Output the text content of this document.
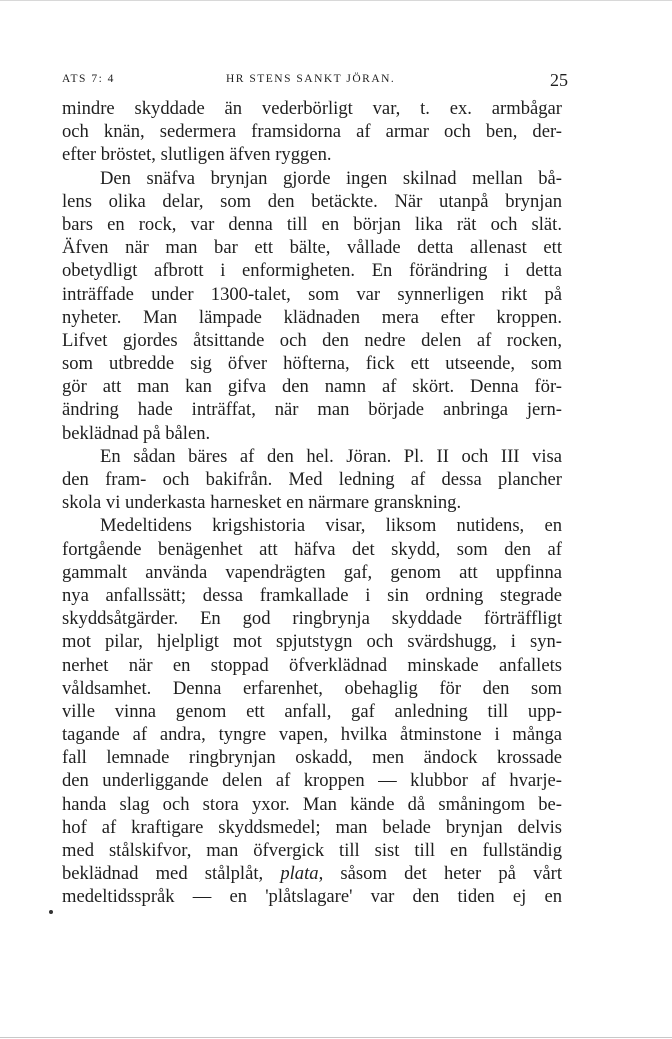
ATS 7: 4	HR STENS SANKT JÖRAN.	25
mindre skyddade än vederbörligt var, t. ex. armbågar
och knän, sedermera framsidorna af armar och ben, der-
efter bröstet, slutligen äfven ryggen.
Den snäfva brynjan gjorde ingen skilnad mellan bå-
lens olika delar, som den betäckte. När utanpå brynjan
bars en rock, var denna till en början lika rät och slät.
Äfven när man bar ett bälte, vållade detta allenast ett
obetydligt afbrott i enformigheten. En förändring i detta
inträffade under 1300-talet, som var synnerligen rikt på
nyheter. Man lämpade klädnaden mera efter kroppen.
Lifvet gjordes åtsittande och den nedre delen af rocken,
som utbredde sig öfver höfterna, fick ett utseende, som
gör att man kan gifva den namn af skört. Denna för-
ändring hade inträffat, när man började anbringa jern-
beklädnad på bålen.
En sådan bäres af den hel. Jöran. Pl. II och III visa
den fram- och bakifrån. Med ledning af dessa plancher
skola vi underkasta harnesket en närmare granskning.
Medeltidens krigshistoria visar, liksom nutidens, en
fortgående benägenhet att häfva det skydd, som den af
gammalt använda vapendrägten gaf, genom att uppfinna
nya anfallssätt; dessa framkallade i sin ordning stegrade
skyddsåtgärder. En god ringbrynja skyddade förträffligt
mot pilar, hjelpligt mot spjutstygn och svärdshugg, i syn-
nerhet när en stoppad öfverklädnad minskade anfallets
våldsamhet. Denna erfarenhet, obehaglig för den som
ville vinna genom ett anfall, gaf anledning till upp-
tagande af andra, tyngre vapen, hvilka åtminstone i många
fall lemnade ringbrynjan oskadd, men ändock krossade
den underliggande delen af kroppen — klubbor af hvarje-
handa slag och stora yxor. Man kände då småningom be-
hof af kraftigare skyddsmedel; man belade brynjan delvis
med stålskifvor, man öfvergick till sist till en fullständig
beklädnad med stålplåt, plata, såsom det heter på vårt
medeltidsspråk — en 'plåtslagare' var den tiden ej en
